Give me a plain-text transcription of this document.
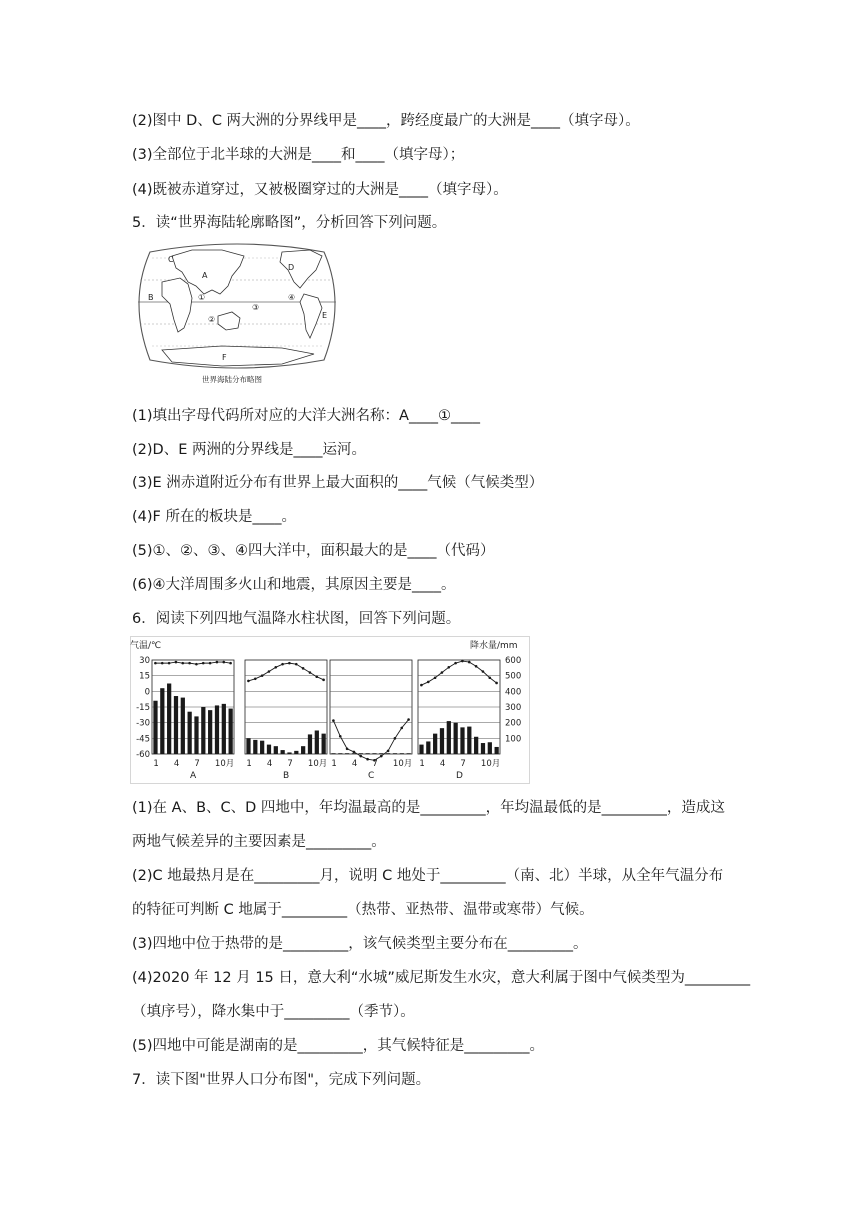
(2)图中 D、C 两大洲的分界线甲是____，跨经度最广的大洲是____（填字母）。
(3)全部位于北半球的大洲是____和____（填字母）；
(4)既被赤道穿过，又被极圈穿过的大洲是____（填字母）。
5．读“世界海陆轮廓略图”，分析回答下列问题。
A
B
C
D
E
F
①
②
③
④
世界海陆分布略图
(1)填出字母代码所对应的大洋大洲名称：A____①____
(2)D、E 两洲的分界线是____运河。
(3)E 洲赤道附近分布有世界上最大面积的____气候（气候类型）
(4)F 所在的板块是____。
(5)①、②、③、④四大洋中，面积最大的是____（代码）
(6)④大洋周围多火山和地震，其原因主要是____。
6．阅读下列四地气温降水柱状图，回答下列问题。
气温/℃	降水量/mm
30
15
0
-15
-30
-45
-60
600
500
400
300
200
100
1 4 7 10月
A
1 4 7 10月
B
1 4 7 10月
C
1 4 7 10月
D
(1)在 A、B、C、D 四地中，年均温最高的是_________，年均温最低的是_________，造成这
两地气候差异的主要因素是_________。
(2)C 地最热月是在_________月，说明 C 地处于_________（南、北）半球，从全年气温分布
的特征可判断 C 地属于_________（热带、亚热带、温带或寒带）气候。
(3)四地中位于热带的是_________，该气候类型主要分布在_________。
(4)2020 年 12 月 15 日，意大利“水城”威尼斯发生水灾，意大利属于图中气候类型为_________
（填序号），降水集中于_________（季节）。
(5)四地中可能是湖南的是_________，其气候特征是_________。
7．读下图"世界人口分布图"，完成下列问题。
